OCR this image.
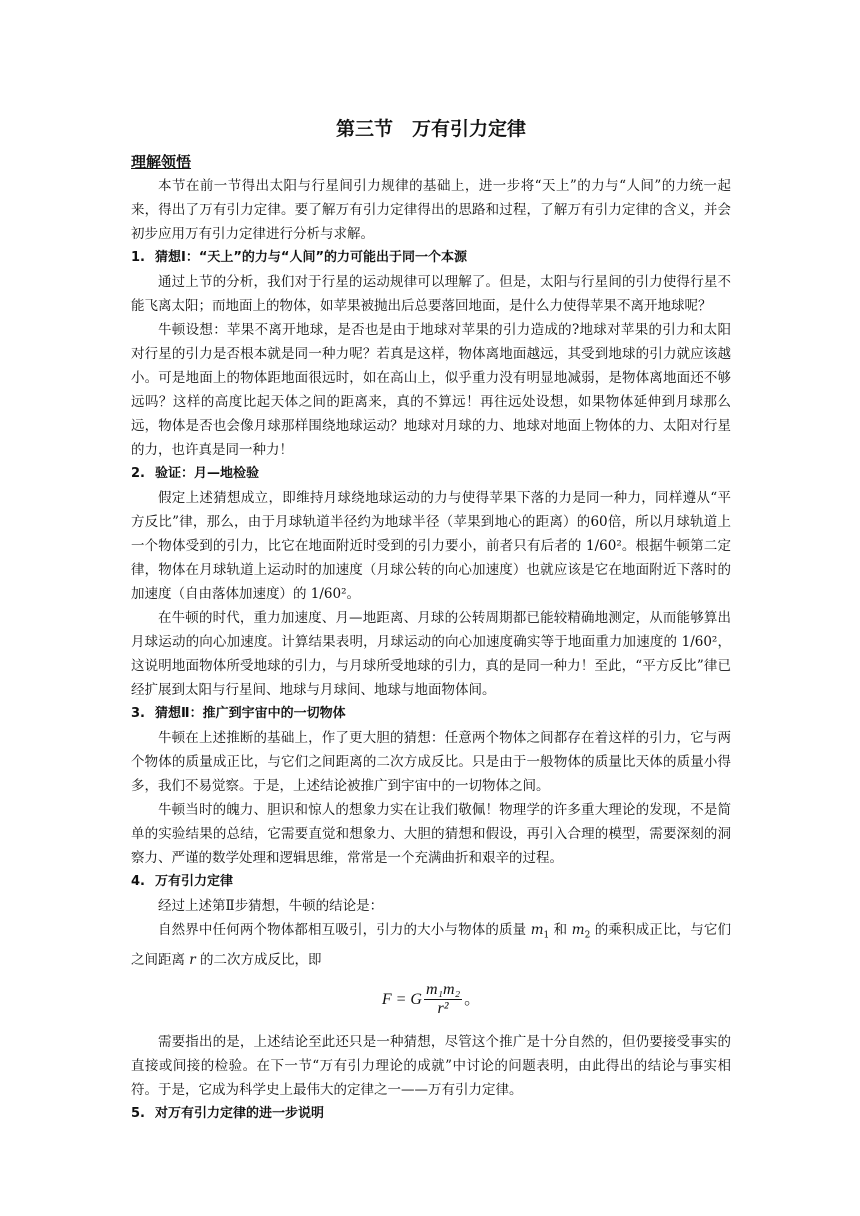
第三节　万有引力定律
理解领悟

本节在前一节得出太阳与行星间引力规律的基础上，进一步将“天上”的力与“人间”的力统一起来，得出了万有引力定律。要了解万有引力定律得出的思路和过程，了解万有引力定律的含义，并会初步应用万有引力定律进行分析与求解。

1. 猜想Ⅰ：“天上”的力与“人间”的力可能出于同一个本源

通过上节的分析，我们对于行星的运动规律可以理解了。但是，太阳与行星间的引力使得行星不能飞离太阳；而地面上的物体，如苹果被抛出后总要落回地面，是什么力使得苹果不离开地球呢？

牛顿设想：苹果不离开地球，是否也是由于地球对苹果的引力造成的?地球对苹果的引力和太阳对行星的引力是否根本就是同一种力呢？若真是这样，物体离地面越远，其受到地球的引力就应该越小。可是地面上的物体距地面很远时，如在高山上，似乎重力没有明显地减弱，是物体离地面还不够远吗？这样的高度比起天体之间的距离来，真的不算远！再往远处设想，如果物体延伸到月球那么远，物体是否也会像月球那样围绕地球运动？地球对月球的力、地球对地面上物体的力、太阳对行星的力，也许真是同一种力！

2. 验证：月—地检验

假定上述猜想成立，即维持月球绕地球运动的力与使得苹果下落的力是同一种力，同样遵从“平方反比”律，那么，由于月球轨道半径约为地球半径（苹果到地心的距离）的60倍，所以月球轨道上一个物体受到的引力，比它在地面附近时受到的引力要小，前者只有后者的 1/60²。根据牛顿第二定律，物体在月球轨道上运动时的加速度（月球公转的向心加速度）也就应该是它在地面附近下落时的加速度（自由落体加速度）的 1/60²。

在牛顿的时代，重力加速度、月—地距离、月球的公转周期都已能较精确地测定，从而能够算出月球运动的向心加速度。计算结果表明，月球运动的向心加速度确实等于地面重力加速度的 1/60²，这说明地面物体所受地球的引力，与月球所受地球的引力，真的是同一种力！至此，“平方反比”律已经扩展到太阳与行星间、地球与月球间、地球与地面物体间。

3. 猜想Ⅱ：推广到宇宙中的一切物体

牛顿在上述推断的基础上，作了更大胆的猜想：任意两个物体之间都存在着这样的引力，它与两个物体的质量成正比，与它们之间距离的二次方成反比。只是由于一般物体的质量比天体的质量小得多，我们不易觉察。于是，上述结论被推广到宇宙中的一切物体之间。

牛顿当时的魄力、胆识和惊人的想象力实在让我们敬佩！物理学的许多重大理论的发现，不是简单的实验结果的总结，它需要直觉和想象力、大胆的猜想和假设，再引入合理的模型，需要深刻的洞察力、严谨的数学处理和逻辑思维，常常是一个充满曲折和艰辛的过程。

4. 万有引力定律

经过上述第Ⅱ步猜想，牛顿的结论是：

自然界中任何两个物体都相互吸引，引力的大小与物体的质量 $m_1$ 和 $m_2$ 的乘积成正比，与它们之间距离 r 的二次方成反比，即

F = G $\frac{\text{m₁m₂}}{\text{r²}}$ 。

需要指出的是，上述结论至此还只是一种猜想，尽管这个推广是十分自然的，但仍要接受事实的直接或间接的检验。在下一节“万有引力理论的成就”中讨论的问题表明，由此得出的结论与事实相符。于是，它成为科学史上最伟大的定律之一——万有引力定律。

5. 对万有引力定律的进一步说明
